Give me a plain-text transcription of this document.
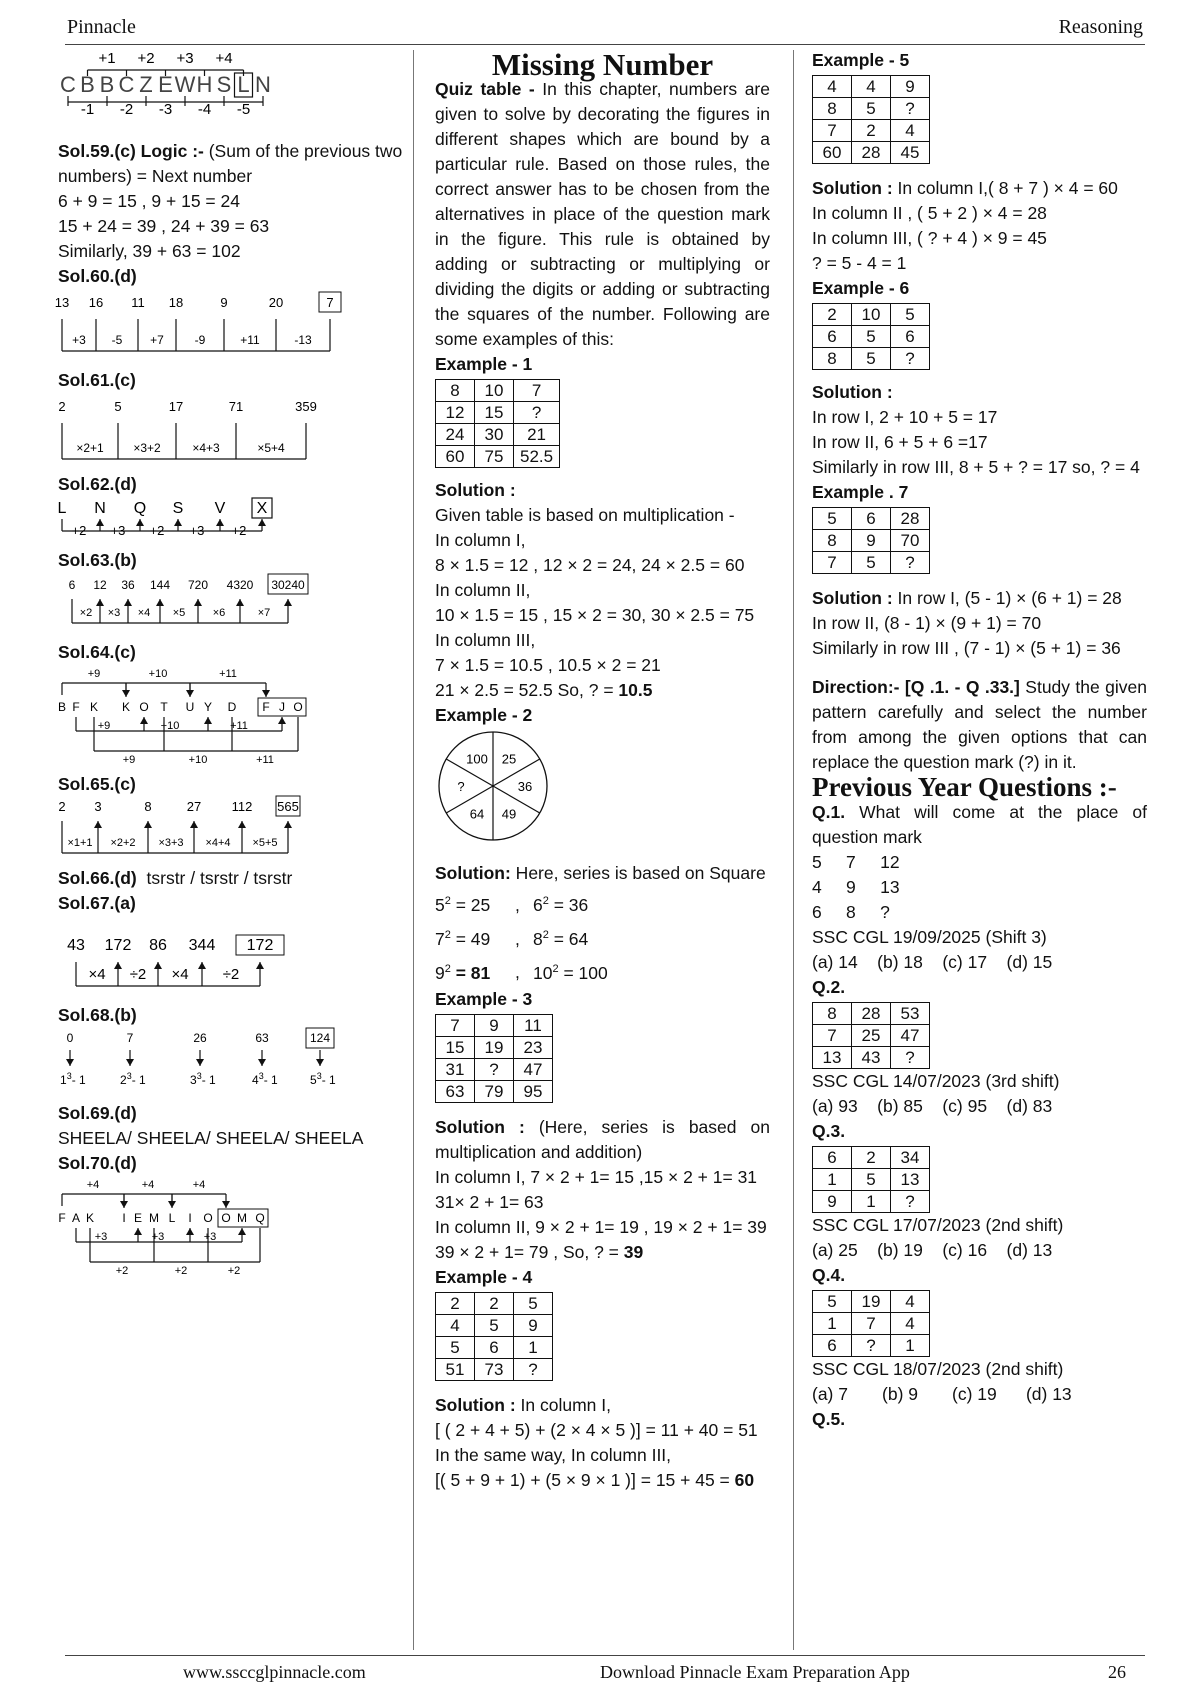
Pinnacle	Reasoning
C B B C Z E W H S L N
+1 +2 +3 +4
-1 -2 -3 -4 -5

Sol.59.(c) Logic :- (Sum of the previous two numbers) = Next number

6 + 9 = 15 , 9 + 15 = 24

15 + 24 = 39 , 24 + 39 = 63

Similarly, 39 + 63 = 102

Sol.60.(d)

13 16 11 18	9	20	7
+3 -5 +7	-9	+11	-13

Sol.61.(c)

2	5	17	71	359
×2+1 ×3+2	×4+3	×5+4

Sol.62.(d)

L N Q S V X
+2 +3 +2 +3 +2

Sol.63.(b)

6 12 36 144 720 4320 30240
×2 ×3 ×4 ×5 ×6	×7

Sol.64.(c)

B F K K O T U Y D F J O
+9	+10	+11
+9	+10	+11
+9	+10	+11

Sol.65.(c)

2 3	8	27 112 565
×1+1 ×2+2 ×3+3 ×4+4 ×5+5

Sol.66.(d) tsrstr / tsrstr / tsrstr

Sol.67.(a)

43 172 86 344 172
×4 ÷2 ×4 ÷2

Sol.68.(b)

0
$1^3-$ 1
7
$2^3-$ 1
26
$3^3-$ 1
63
$4^3-$ 1
124
$5^3-$ 1

Sol.69.(d)

SHEELA/ SHEELA/ SHEELA/ SHEELA

Sol.70.(d)

F A K I E M L I O O M Q
+4	+4	+4
+3	+3	+3
+2	+2	+2

Missing Number

Quiz table - In this chapter, numbers are given to solve by decorating the figures in different shapes which are bound by a particular rule. Based on those rules, the correct answer has to be chosen from the alternatives in place of the question mark in the figure. This rule is obtained by adding or subtracting or multiplying or dividing the digits or adding or subtracting the squares of the number. Following are some examples of this:

Example - 1

8	10	7
12	15	?
24	30	21
60	75	52.5

Solution :

Given table is based on multiplication -

In column I,

8 × 1.5 = 12 , 12 × 2 = 24, 24 × 2.5 = 60

In column II,

10 × 1.5 = 15 , 15 × 2 = 30, 30 × 2.5 = 75

In column III,

7 × 1.5 = 10.5 , 10.5 × 2 = 21

21 × 2.5 = 52.5 So, ? = 10.5

Example - 2

100 25
36
49
64
?

Solution: Here, series is based on Square

$5^2 = 25$ , $6^2 = 36$

$7^2 = 49$ , $8^2 = 64$

$9^2 = 81$ , $10^2 = 100$

Example - 3

7	9	11
15	19	23
31	?	47
63	79	95

Solution : (Here, series is based on multiplication and addition)

In column I, 7 × 2 + 1= 15 ,15 × 2 + 1= 31

31× 2 + 1= 63

In column II, 9 × 2 + 1= 19 , 19 × 2 + 1= 39

39 × 2 + 1= 79 , So, ? = 39

Example - 4

2	2	5
4	5	9
5	6	1
51	73	?

Solution : In column I,

[ ( 2 + 4 + 5) + (2 × 4 × 5 )] = 11 + 40 = 51

In the same way, In column III,

[( 5 + 9 + 1) + (5 × 9 × 1 )] = 15 + 45 = 60

Example - 5

4	4	9
8	5	?
7	2	4
60	28	45

Solution : In column I,( 8 + 7 ) × 4 = 60

In column II , ( 5 + 2 ) × 4 = 28

In column III, ( ? + 4 ) × 9 = 45

? = 5 - 4 = 1

Example - 6

2	10	5
6	5	6
8	5	?

Solution :

In row I, 2 + 10 + 5 = 17

In row II, 6 + 5 + 6 =17

Similarly in row III, 8 + 5 + ? = 17 so, ? = 4

Example . 7

5	6	28
8	9	70
7	5	?

Solution : In row I, (5 - 1) × (6 + 1) = 28

In row II, (8 - 1) × (9 + 1) = 70

Similarly in row III , (7 - 1) × (5 + 1) = 36

Direction:- [Q .1. - Q .33.] Study the given pattern carefully and select the number from among the given options that can replace the question mark (?) in it.

Previous Year Questions :-

Q.1. What will come at the place of question mark

5     7     12

4     9     13

6     8     ?

SSC CGL 19/09/2025 (Shift 3)

(a) 14    (b) 18    (c) 17    (d) 15

Q.2.

8	28	53
7	25	47
13	43	?

SSC CGL 14/07/2023 (3rd shift)

(a) 93    (b) 85    (c) 95    (d) 83

Q.3.

6	2	34
1	5	13
9	1	?

SSC CGL 17/07/2023 (2nd shift)

(a) 25    (b) 19    (c) 16    (d) 13

Q.4.

5	19	4
1	7	4
6	?	1

SSC CGL 18/07/2023 (2nd shift)

(a) 7       (b) 9       (c) 19      (d) 13

Q.5.

www.ssccglpinnacle.com	Download Pinnacle Exam Preparation App	26
